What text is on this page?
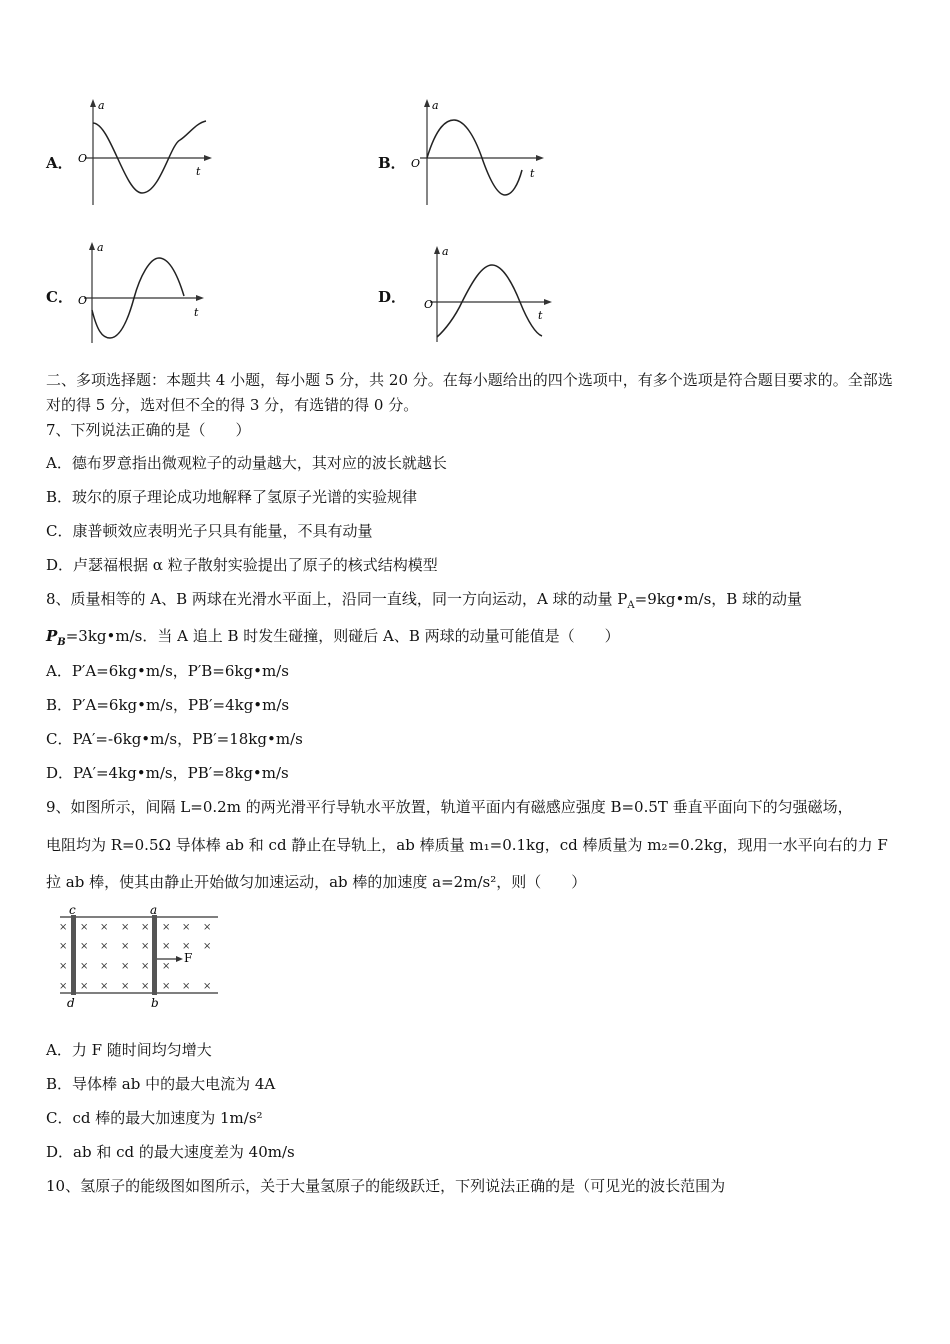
A．
a
O
t	B．
a
O
t
C．
a
O
t
D．
a
O
t
二、多项选择题：本题共 4 小题，每小题 5 分，共 20 分。在每小题给出的四个选项中，有多个选项是符合题目要求的。全部选对的得 5 分，选对但不全的得 3 分，有选错的得 0 分。
7、下列说法正确的是（　　）
A．德布罗意指出微观粒子的动量越大，其对应的波长就越长
B．玻尔的原子理论成功地解释了氢原子光谱的实验规律
C．康普顿效应表明光子只具有能量，不具有动量
D．卢瑟福根据 α 粒子散射实验提出了原子的核式结构模型
8、质量相等的 A、B 两球在光滑水平面上，沿同一直线，同一方向运动，A 球的动量 $P_A=9kg•m/s$，B 球的动量
$P_B=3kg•m/s$．当 A 追上 B 时发生碰撞，则碰后 A、B 两球的动量可能值是（　　）
A．P′A=6kg•m/s，P′B=6kg•m/s
B．P′A=6kg•m/s，PB′=4kg•m/s
C．PA′=-6kg•m/s，PB′=18kg•m/s
D．PA′=4kg•m/s，PB′=8kg•m/s
9、如图所示，间隔 L=0.2m 的两光滑平行导轨水平放置，轨道平面内有磁感应强度 B=0.5T 垂直平面向下的匀强磁场，
电阻均为 R=0.5Ω 导体棒 ab 和 cd 静止在导轨上，ab 棒质量 m₁=0.1kg，cd 棒质量为 m₂=0.2kg，现用一水平向右的力 F
拉 ab 棒，使其由静止开始做匀加速运动，ab 棒的加速度 a=2m/s²，则（　　）
× × × × × × × ×
× × × × × × × ×
× × × × × ×
× × × × × × × ×
F
c	a
d	b
A．力 F 随时间均匀增大
B．导体棒 ab 中的最大电流为 4A
C．cd 棒的最大加速度为 1m/s²
D．ab 和 cd 的最大速度差为 40m/s
10、氢原子的能级图如图所示，关于大量氢原子的能级跃迁，下列说法正确的是（可见光的波长范围为
